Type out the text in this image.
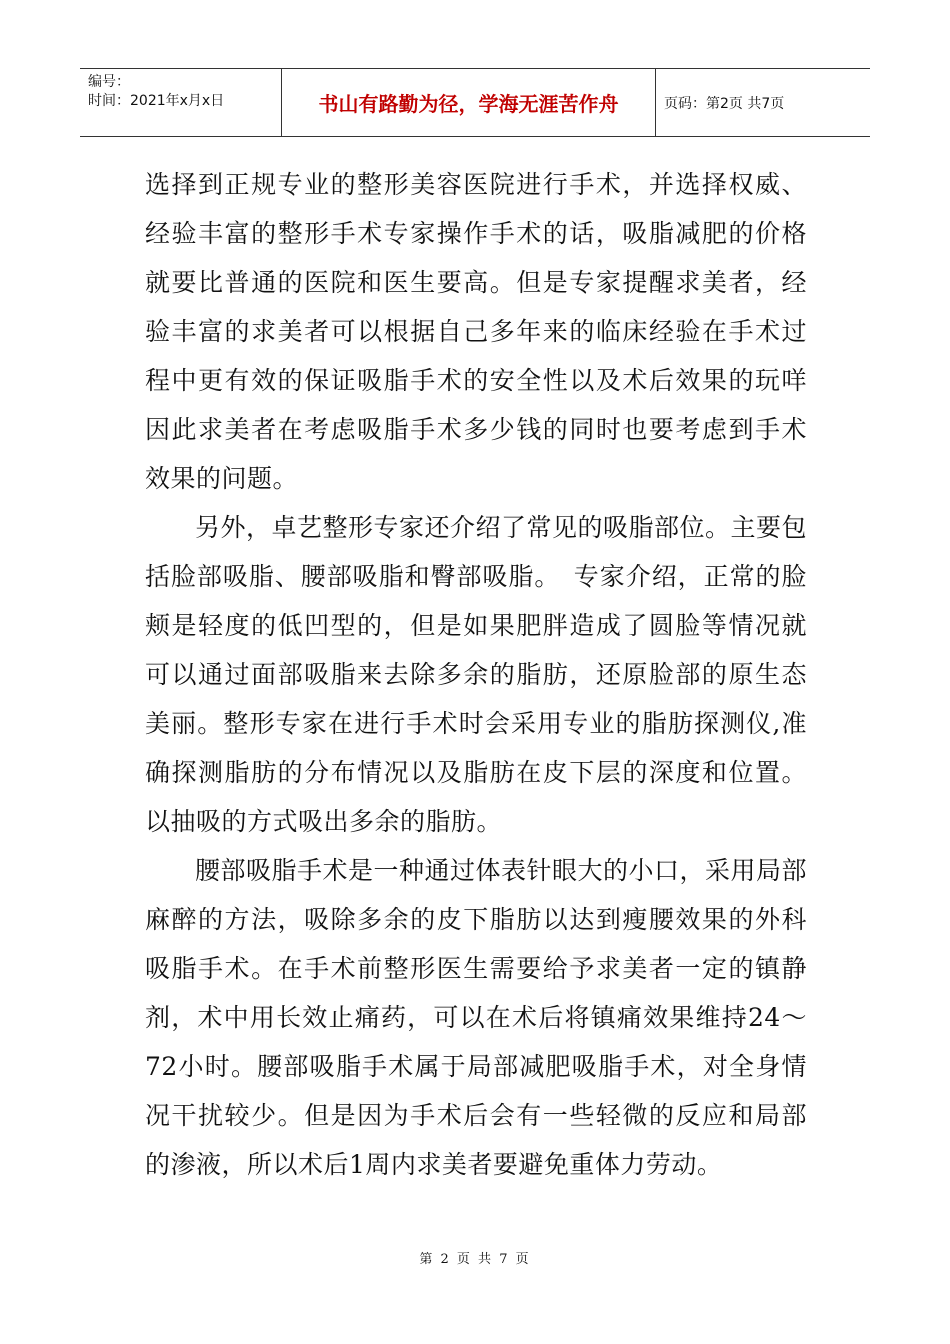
编号：
时间：2021年x月x日	书山有路勤为径，学海无涯苦作舟	页码：第2页 共7页

选择到正规专业的整形美容医院进行手术，并选择权威、经验丰富的整形手术专家操作手术的话，吸脂减肥的价格就要比普通的医院和医生要高。但是专家提醒求美者，经验丰富的求美者可以根据自己多年来的临床经验在手术过程中更有效的保证吸脂手术的安全性以及术后效果的玩咩因此求美者在考虑吸脂手术多少钱的同时也要考虑到手术效果的问题。

另外，卓艺整形专家还介绍了常见的吸脂部位。主要包括脸部吸脂、腰部吸脂和臀部吸脂。　专家介绍，正常的脸颊是轻度的低凹型的，但是如果肥胖造成了圆脸等情况就可以通过面部吸脂来去除多余的脂肪，还原脸部的原生态美丽。整形专家在进行手术时会采用专业的脂肪探测仪,准确探测脂肪的分布情况以及脂肪在皮下层的深度和位置。以抽吸的方式吸出多余的脂肪。

腰部吸脂手术是一种通过体表针眼大的小口，采用局部麻醉的方法，吸除多余的皮下脂肪以达到瘦腰效果的外科吸脂手术。在手术前整形医生需要给予求美者一定的镇静剂，术中用长效止痛药，可以在术后将镇痛效果维持24～72小时。腰部吸脂手术属于局部减肥吸脂手术，对全身情况干扰较少。但是因为手术后会有一些轻微的反应和局部的渗液，所以术后1周内求美者要避免重体力劳动。

第 2 页 共 7 页
